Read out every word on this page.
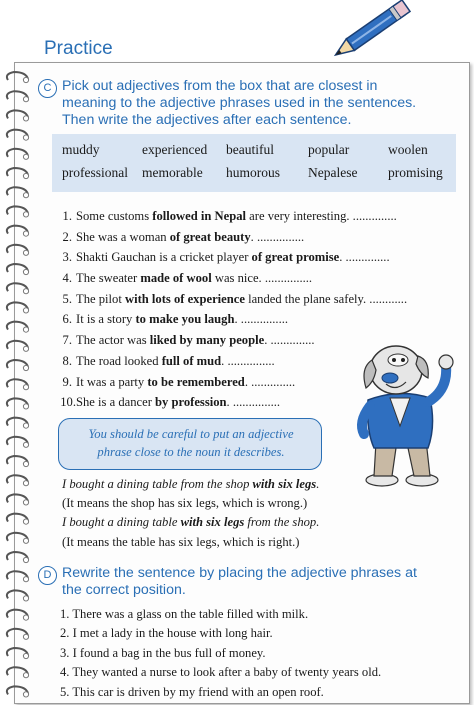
Practice
C Pick out adjectives from the box that are closest in
meaning to the adjective phrases used in the sentences.
Then write the adjectives after each sentence.
muddy	experienced beautiful	popular	woolen
professional memorable humorous Nepalese promising
1. Some customs followed in Nepal are very interesting. ..............
2. She was a woman of great beauty. ...............
3. Shakti Gauchan is a cricket player of great promise. ..............
4. The sweater made of wool was nice. ...............
5. The pilot with lots of experience landed the plane safely. ............
6. It is a story to make you laugh. ...............
7. The actor was liked by many people. ..............
8. The road looked full of mud. ...............
9. It was a party to be remembered. ..............
10.She is a dancer by profession. ...............
You should be careful to put an adjective
phrase close to the noun it describes.
I bought a dining table from the shop with six legs.
(It means the shop has six legs, which is wrong.)
I bought a dining table with six legs from the shop.
(It means the table has six legs, which is right.)
D Rewrite the sentence by placing the adjective phrases at
the correct position.
1. There was a glass on the table filled with milk.
2. I met a lady in the house with long hair.
3. I found a bag in the bus full of money.
4. They wanted a nurse to look after a baby of twenty years old.
5. This car is driven by my friend with an open roof.
